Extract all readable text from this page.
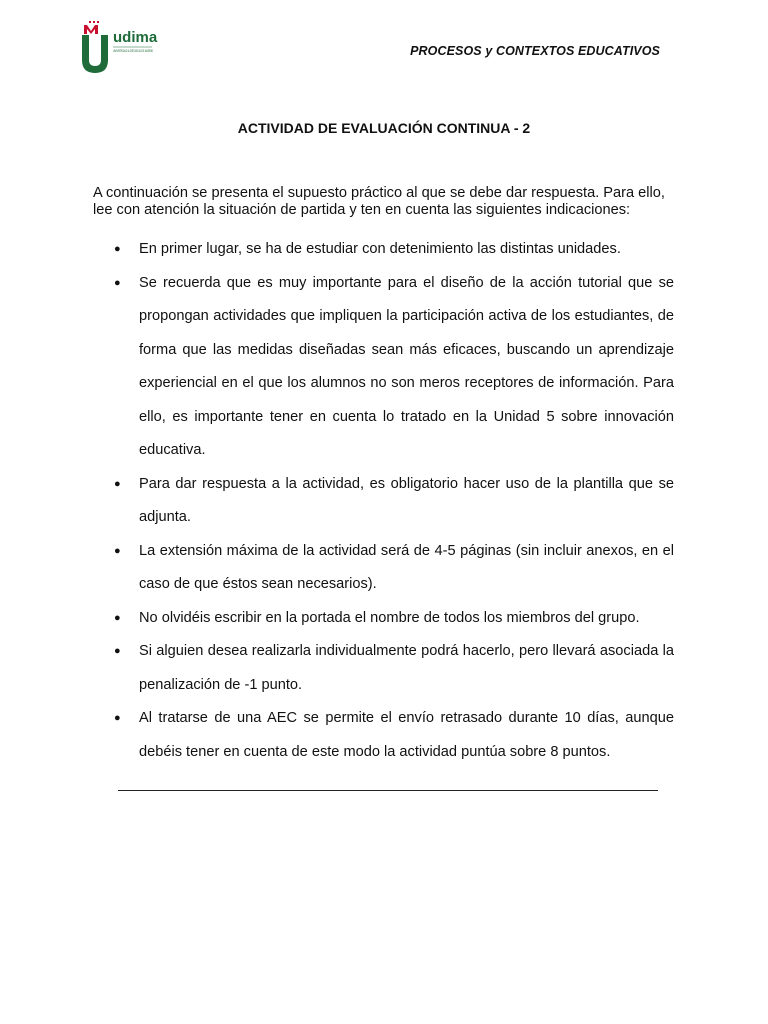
udima
UNIVERSIDAD A DISTANCIA DE MADRID	PROCESOS y CONTEXTOS EDUCATIVOS
ACTIVIDAD DE EVALUACIÓN CONTINUA - 2

A continuación se presenta el supuesto práctico al que se debe dar respuesta. Para ello, lee con atención la situación de partida y ten en cuenta las siguientes indicaciones:

● En primer lugar, se ha de estudiar con detenimiento las distintas unidades.
● Se recuerda que es muy importante para el diseño de la acción tutorial que se propongan actividades que impliquen la participación activa de los estudiantes, de forma que las medidas diseñadas sean más eficaces, buscando un aprendizaje experiencial en el que los alumnos no son meros receptores de información. Para ello, es importante tener en cuenta lo tratado en la Unidad 5 sobre innovación educativa.
● Para dar respuesta a la actividad, es obligatorio hacer uso de la plantilla que se adjunta.
● La extensión máxima de la actividad será de 4-5 páginas (sin incluir anexos, en el caso de que éstos sean necesarios).
● No olvidéis escribir en la portada el nombre de todos los miembros del grupo.
● Si alguien desea realizarla individualmente podrá hacerlo, pero llevará asociada la penalización de -1 punto.
● Al tratarse de una AEC se permite el envío retrasado durante 10 días, aunque debéis tener en cuenta de este modo la actividad puntúa sobre 8 puntos.
